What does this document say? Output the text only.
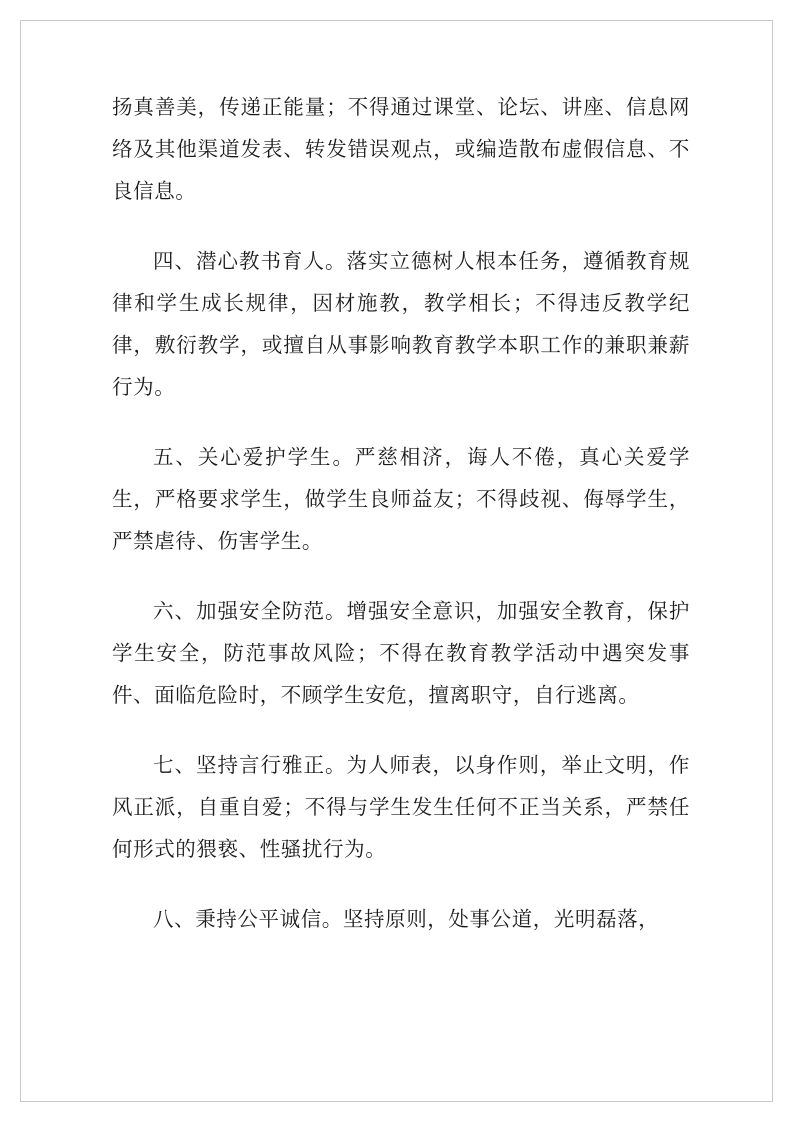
扬真善美，传递正能量；不得通过课堂、论坛、讲座、信息网络及其他渠道发表、转发错误观点，或编造散布虚假信息、不良信息。

四、潜心教书育人。落实立德树人根本任务，遵循教育规律和学生成长规律，因材施教，教学相长；不得违反教学纪律，敷衍教学，或擅自从事影响教育教学本职工作的兼职兼薪行为。

五、关心爱护学生。严慈相济，诲人不倦，真心关爱学生，严格要求学生，做学生良师益友；不得歧视、侮辱学生，严禁虐待、伤害学生。

六、加强安全防范。增强安全意识，加强安全教育，保护学生安全，防范事故风险；不得在教育教学活动中遇突发事件、面临危险时，不顾学生安危，擅离职守，自行逃离。

七、坚持言行雅正。为人师表，以身作则，举止文明，作风正派，自重自爱；不得与学生发生任何不正当关系，严禁任何形式的猥亵、性骚扰行为。

八、秉持公平诚信。坚持原则，处事公道，光明磊落，
